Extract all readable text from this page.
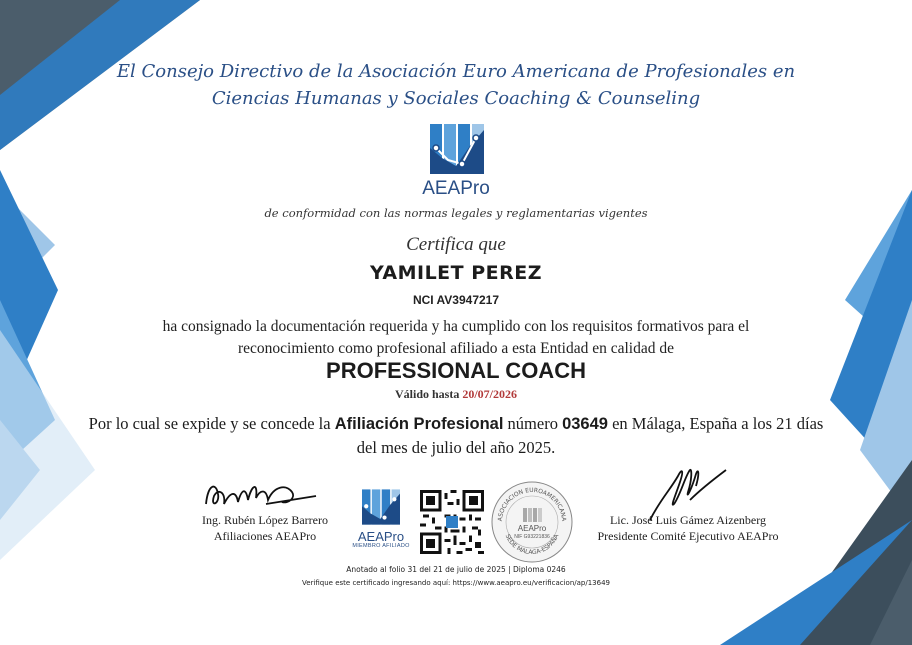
El Consejo Directivo de la Asociación Euro Americana de Profesionales en
Ciencias Humanas y Sociales Coaching & Counseling
AEAPro
de conformidad con las normas legales y reglamentarias vigentes
Certifica que
YAMILET PEREZ
NCI AV3947217
ha consignado la documentación requerida y ha cumplido con los requisitos formativos para el
reconocimiento como profesional afiliado a esta Entidad en calidad de
PROFESSIONAL COACH
Válido hasta 20/07/2026
Por lo cual se expide y se concede la Afiliación Profesional número 03649 en Málaga, España a los 21 días
del mes de julio del año 2025.
Ing. Rubén López Barrero
Afiliaciones AEAPro	AEAPro
MIEMBRO AFILIADO
ASOCIACION EUROAMERICANA
SEDE MALAGA-ESPAÑA
AEAPro
NIF G93221836
Lic. José Luis Gámez Aizenberg
Presidente Comité Ejecutivo AEAPro
Anotado al folio 31 del 21 de julio de 2025 | Diploma 0246
Verifique este certificado ingresando aquí: https://www.aeapro.eu/verificacion/ap/13649
